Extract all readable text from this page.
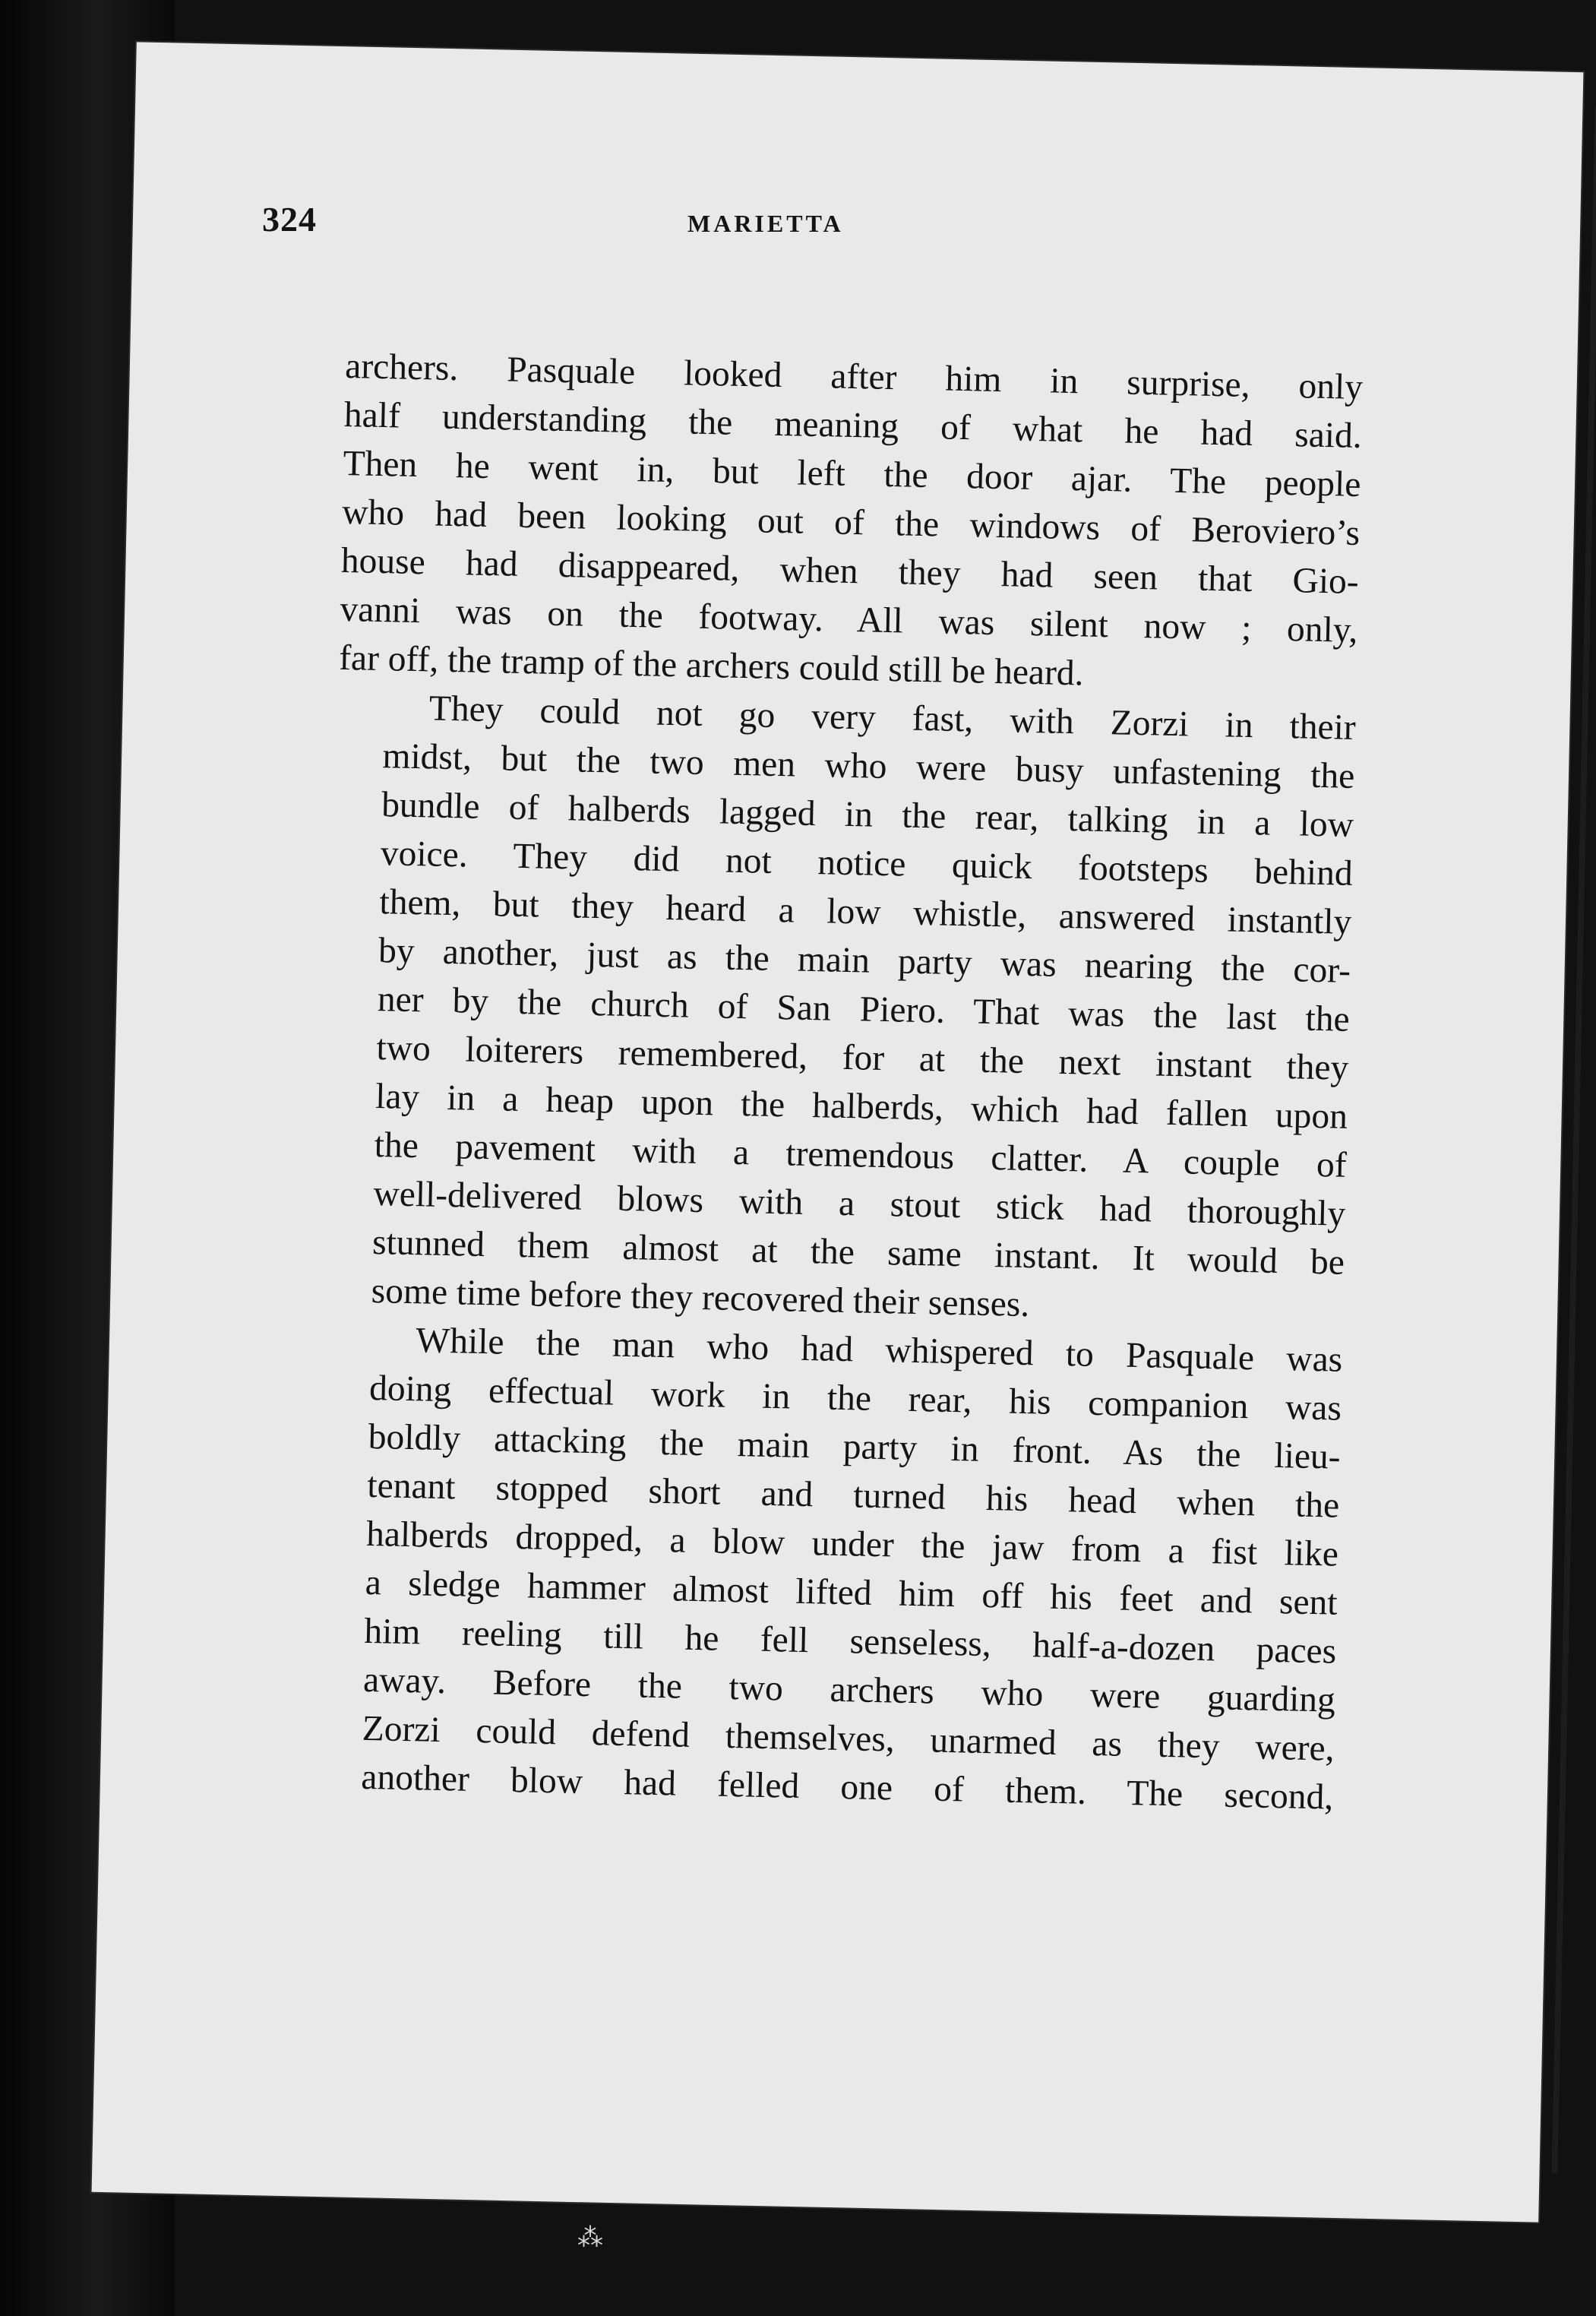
324	MARIETTA

archers. Pasquale looked after him in surprise, only
half understanding the meaning of what he had said.
Then he went in, but left the door ajar. The people
who had been looking out of the windows of Beroviero’s
house had disappeared, when they had seen that Gio-
vanni was on the footway. All was silent now ; only,
far off, the tramp of the archers could still be heard.

They could not go very fast, with Zorzi in their
midst, but the two men who were busy unfastening the
bundle of halberds lagged in the rear, talking in a low
voice. They did not notice quick footsteps behind
them, but they heard a low whistle, answered instantly
by another, just as the main party was nearing the cor-
ner by the church of San Piero. That was the last the
two loiterers remembered, for at the next instant they
lay in a heap upon the halberds, which had fallen upon
the pavement with a tremendous clatter. A couple of
well-delivered blows with a stout stick had thoroughly
stunned them almost at the same instant. It would be
some time before they recovered their senses.

While the man who had whispered to Pasquale was
doing effectual work in the rear, his companion was
boldly attacking the main party in front. As the lieu-
tenant stopped short and turned his head when the
halberds dropped, a blow under the jaw from a fist like
a sledge hammer almost lifted him off his feet and sent
him reeling till he fell senseless, half-a-dozen paces
away. Before the two archers who were guarding
Zorzi could defend themselves, unarmed as they were,
another blow had felled one of them. The second,

⁂
